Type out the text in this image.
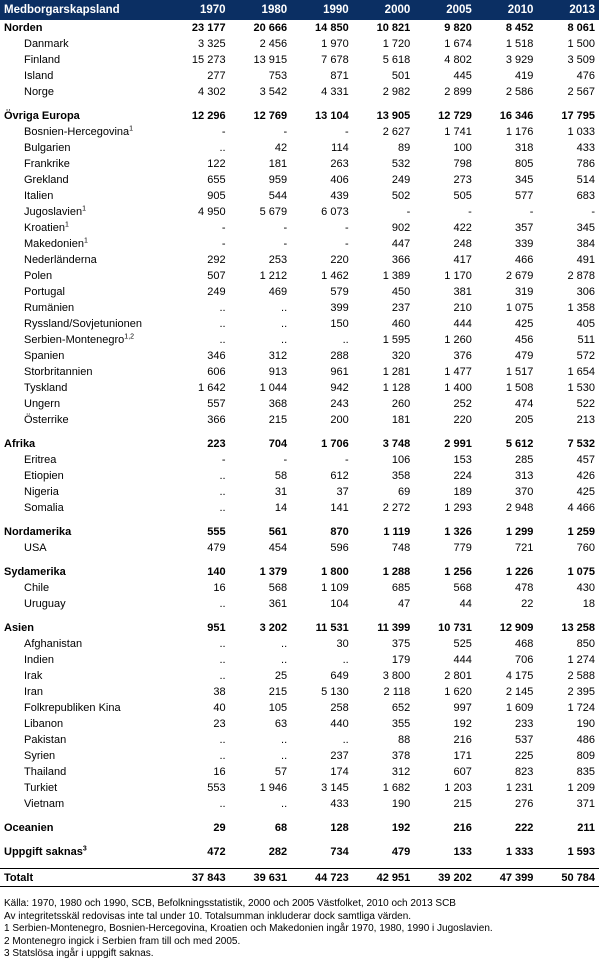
Medborgarskapsland	1970	1980	1990	2000	2005	2010	2013
Norden	23 177	20 666	14 850	10 821	9 820	8 452	8 061
Danmark	3 325	2 456	1 970	1 720	1 674	1 518	1 500
Finland	15 273	13 915	7 678	5 618	4 802	3 929	3 509
Island	277	753	871	501	445	419	476
Norge	4 302	3 542	4 331	2 982	2 899	2 586	2 567

Övriga Europa	12 296	12 769	13 104	13 905	12 729	16 346	17 795
Bosnien-Hercegovina$^1$	-	-	-	2 627	1 741	1 176	1 033
Bulgarien	..	42	114	89	100	318	433
Frankrike	122	181	263	532	798	805	786
Grekland	655	959	406	249	273	345	514
Italien	905	544	439	502	505	577	683
Jugoslavien$^1$	4 950	5 679	6 073	-	-	-	-
Kroatien$^1$	-	-	-	902	422	357	345
Makedonien$^1$	-	-	-	447	248	339	384
Nederländerna	292	253	220	366	417	466	491
Polen	507	1 212	1 462	1 389	1 170	2 679	2 878
Portugal	249	469	579	450	381	319	306
Rumänien	..	..	399	237	210	1 075	1 358
Ryssland/Sovjetunionen	..	..	150	460	444	425	405
Serbien-Montenegro$^{1,2}$	..	..	..	1 595	1 260	456	511
Spanien	346	312	288	320	376	479	572
Storbritannien	606	913	961	1 281	1 477	1 517	1 654
Tyskland	1 642	1 044	942	1 128	1 400	1 508	1 530
Ungern	557	368	243	260	252	474	522
Österrike	366	215	200	181	220	205	213

Afrika	223	704	1 706	3 748	2 991	5 612	7 532
Eritrea	-	-	-	106	153	285	457
Etiopien	..	58	612	358	224	313	426
Nigeria	..	31	37	69	189	370	425
Somalia	..	14	141	2 272	1 293	2 948	4 466

Nordamerika	555	561	870	1 119	1 326	1 299	1 259
USA	479	454	596	748	779	721	760

Sydamerika	140	1 379	1 800	1 288	1 256	1 226	1 075
Chile	16	568	1 109	685	568	478	430
Uruguay	..	361	104	47	44	22	18

Asien	951	3 202	11 531	11 399	10 731	12 909	13 258
Afghanistan	..	..	30	375	525	468	850
Indien	..	..	..	179	444	706	1 274
Irak	..	25	649	3 800	2 801	4 175	2 588
Iran	38	215	5 130	2 118	1 620	2 145	2 395
Folkrepubliken Kina	40	105	258	652	997	1 609	1 724
Libanon	23	63	440	355	192	233	190
Pakistan	..	..	..	88	216	537	486
Syrien	..	..	237	378	171	225	809
Thailand	16	57	174	312	607	823	835
Turkiet	553	1 946	3 145	1 682	1 203	1 231	1 209
Vietnam	..	..	433	190	215	276	371

Oceanien	29	68	128	192	216	222	211

Uppgift saknas$^3$	472	282	734	479	133	1 333	1 593

Totalt	37 843	39 631	44 723	42 951	39 202	47 399	50 784
Källa: 1970, 1980 och 1990, SCB, Befolkningsstatistik, 2000 och 2005 Västfolket, 2010 och 2013 SCB
Av integritetsskäl redovisas inte tal under 10. Totalsumman inkluderar dock samtliga värden.
1 Serbien-Montenegro, Bosnien-Hercegovina, Kroatien och Makedonien ingår 1970, 1980, 1990 i Jugoslavien.
2 Montenegro ingick i Serbien fram till och med 2005.
3 Statslösa ingår i uppgift saknas.
